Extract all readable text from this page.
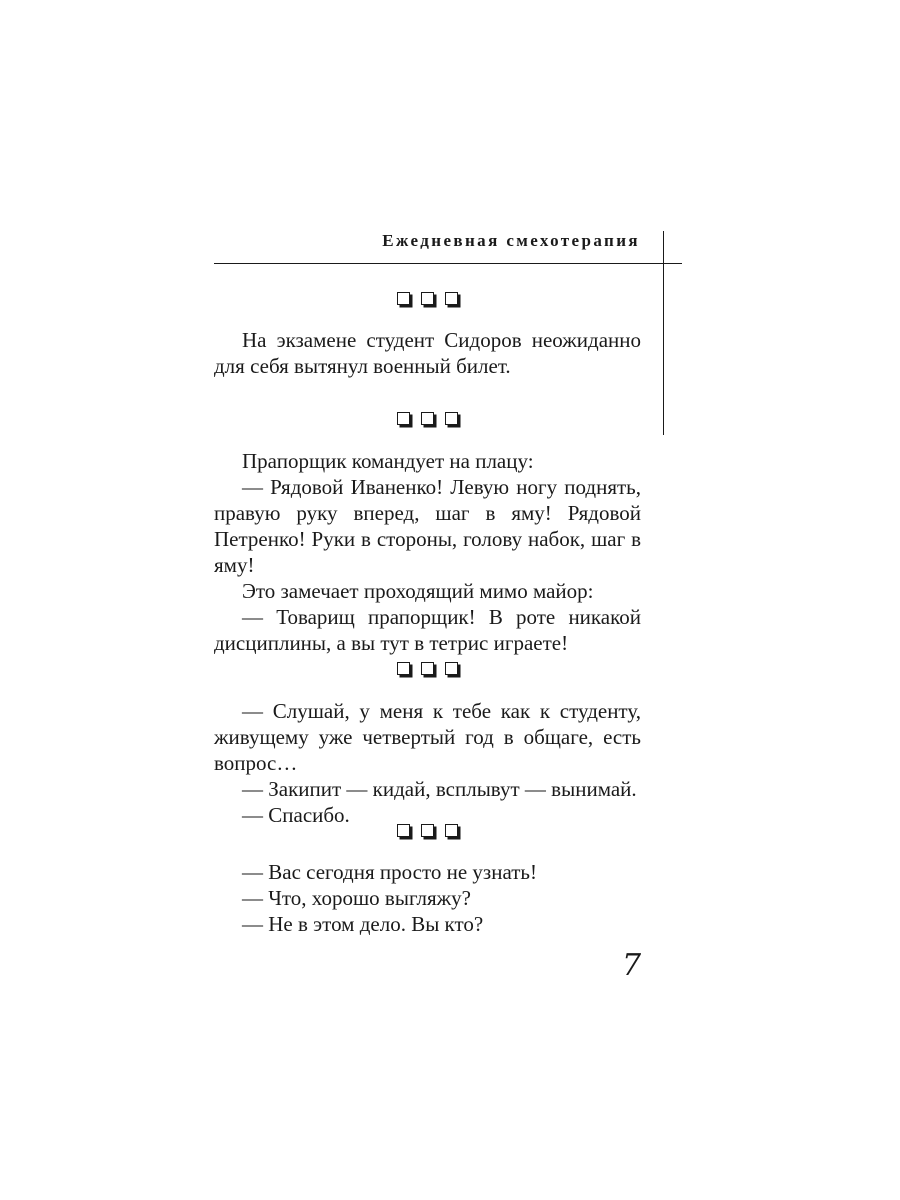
Ежедневная смехотерапия

На экзамене студент Сидоров неожиданно для себя вытянул военный билет.

Прапорщик командует на плацу:

— Рядовой Иваненко! Левую ногу поднять, правую руку вперед, шаг в яму! Рядовой Петренко! Руки в стороны, голову набок, шаг в яму!

Это замечает проходящий мимо майор:

— Товарищ прапорщик! В роте никакой дисциплины, а вы тут в тетрис играете!

— Слушай, у меня к тебе как к студенту, живущему уже четвертый год в общаге, есть вопрос…

— Закипит — кидай, всплывут — вынимай.

— Спасибо.

— Вас сегодня просто не узнать!

— Что, хорошо выгляжу?

— Не в этом дело. Вы кто?

7
